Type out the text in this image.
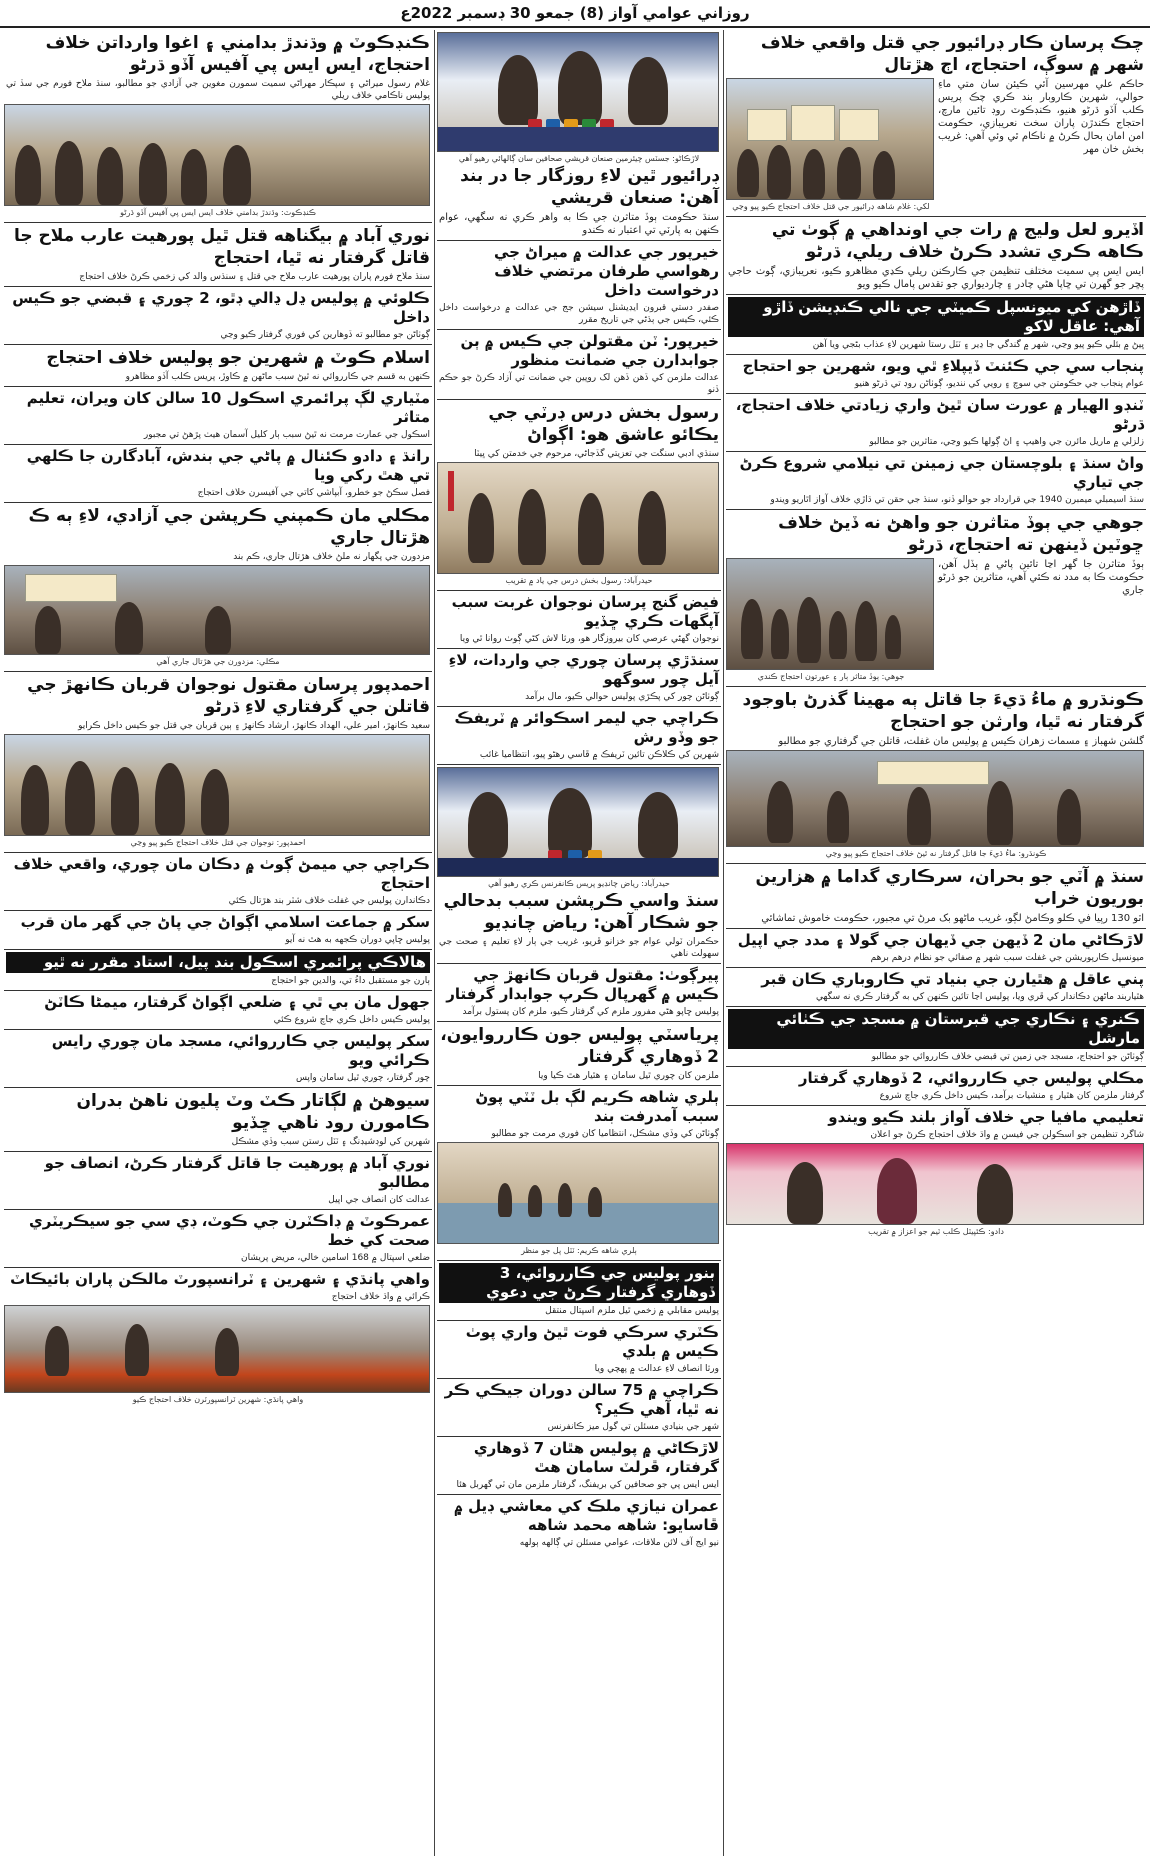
روزاني عوامي آواز (8) جمعو 30 ڊسمبر 2022ع
چڪ پرسان ڪار ڊرائيور جي قتل واقعي خلاف شهر ۾ سوڳ، احتجاج، اڄ هڙتال
حاڪم علي مهرسين آئي ڪيئن سان متي ماءِ حوالي، شهرين ڪاروبار بند ڪري چڪ پريس ڪلب آڏو ڌرڻو هنيو، ڪنڊڪوٽ روڊ تائين مارچ، احتجاج ڪندڙن پاران سخت نعريبازي، حڪومت امن امان بحال ڪرڻ ۾ ناڪام ٿي وئي آهي: غريب بخش خان مهر
لکي: غلام شاهه ڊرائيور جي قتل خلاف احتجاج ڪيو پيو وڃي
اڏيرو لعل وليج ۾ رات جي اونداهي ۾ ڳوٺ تي ڪاهه ڪري تشدد ڪرڻ خلاف ريلي، ڌرڻو
ايس ايس پي سميت مختلف تنظيمن جي ڪارڪنن ريلي ڪڍي مظاهرو ڪيو، نعريبازي، ڳوٺ حاجي پڇر جو گهرن تي ڇاپا هڻي چادر ۽ چارديواري جو تقدس پامال ڪيو ويو
ڏاڙهن کي ميونسپل ڪميٽي جي نالي ڪنڊيشن ڏاڙو آهي: عاقل لاکو
ڀيڻ ۾ بئلي ڪيو پيو وڃي، شهر ۾ گندگي جا ڍير ۽ ٽٽل رستا شهرين لاءِ عذاب بڻجي ويا آهن
پنجاب سي جي ڪئنٽ ڏيپلاءِ ٿي ويو، شهرين جو احتجاج
عوام پنجاب جي حڪومتن جي سوچ ۽ رويي کي ننديو، ڳوٺاڻن روڊ تي ڌرڻو هنيو
ٽنڊو الهيار ۾ عورت سان ٿيڻ واري زيادتي خلاف احتجاج، ڌرڻو
زلزلي ۾ ماريل مائرن جي واهيپ ۽ اڻ ڳولها ڪيو وڃي، متاثرين جو مطالبو
واڻ سنڌ ۽ بلوچستان جي زمينن تي نيلامي شروع ڪرڻ جي تياري
سنڌ اسيمبلي ميمبرن 1940 جي قرارداد جو حوالو ڏنو، سنڌ جي حقن تي ڌاڙي خلاف آواز اٿاريو ويندو
جوهي جي ٻوڏ متاثرن جو واهڻ نه ڏيڻ خلاف ڇوٽين ڏينهن ته احتجاج، ڌرڻو
ٻوڏ متاثرن جا گهر اڃا تائين پاڻي ۾ ٻڏل آهن، حڪومت ڪا به مدد نه ڪئي آهي، متاثرين جو ڌرڻو جاري
جوهي: ٻوڏ متاثر ٻار ۽ عورتون احتجاج ڪندي
ڪونڌرو ۾ ماءُ ڌيءَ جا قاتل ٻه مهينا گذرڻ باوجود گرفتار نه ٿيا، وارثن جو احتجاج
گلشن شهباز ۽ مسمات زهران ڪيس ۾ پوليس مان غفلت، قاتلن جي گرفتاري جو مطالبو
ڪونڌرو: ماءُ ڌيءَ جا قاتل گرفتار نه ٿيڻ خلاف احتجاج ڪيو پيو وڃي
سنڌ ۾ آٽي جو بحران، سرڪاري گداما ۾ هزارين بوريون خراب
اٽو 130 رپيا في ڪلو وڪامڻ لڳو، غريب ماڻهو بک مرڻ تي مجبور، حڪومت خاموش تماشائي
لاڙڪاڻي مان 2 ڏيهن جي ڏيهان جي گولا ۽ مدد جي اپيل
ميونسپل ڪارپوريشن جي غفلت سبب شهر ۾ صفائي جو نظام درهم برهم
پني عاقل ۾ هٿيارن جي بنياد تي ڪاروباري ڪان قبر
هٿياربند ماڻهن دڪاندار کي ڦري ويا، پوليس اڃا تائين ڪنهن کي به گرفتار ڪري نه سگهي
ڪنري ۽ نڪاري جي قبرستان ۾ مسجد جي ڪٺائي مارشل
ڳوٺاڻن جو احتجاج، مسجد جي زمين تي قبضي خلاف ڪارروائي جو مطالبو
مڪلي پوليس جي ڪارروائي، 2 ڏوهاري گرفتار
گرفتار ملزمن کان هٿيار ۽ منشيات برآمد، ڪيس داخل ڪري جاچ شروع
تعليمي مافيا جي خلاف آواز بلند ڪيو ويندو
شاگرد تنظيمن جو اسڪولن جي فيسن ۾ واڌ خلاف احتجاج ڪرڻ جو اعلان
دادو: ڪئپيٽل ڪلب ٽيم جو اعزاز ۾ تقريب
لاڙڪاڻو: جسٽس چيئرمين صنعان قريشي صحافين سان ڳالهائي رهيو آهي
ڊرائيور ٿين لاءِ روزگار جا در بند آهن: صنعان قريشي
سنڌ حڪومت ٻوڏ متاثرن جي ڪا به واهر ڪري نه سگهي، عوام ڪنهن به پارٽي تي اعتبار نه ڪندو
خيرپور جي عدالت ۾ ميراڻ جي رهواسي طرفان مرتضي خلاف درخواست داخل
صفدر دستي قبرون ايڊيشنل سيشن جج جي عدالت ۾ درخواست داخل ڪئي، ڪيس جي ٻڌڻي جي تاريخ مقرر
خيرپور: ٽن مقتولن جي ڪيس ۾ ٻن جوابدارن جي ضمانت منظور
عدالت ملزمن کي ڏهن ڏهن لک روپين جي ضمانت تي آزاد ڪرڻ جو حڪم ڏنو
رسول بخش درس ڊرٽي جي يڪائو عاشق هو: اڳواڻ
سنڌي ادبي سنگت جي تعزيتي گڏجاڻي، مرحوم جي خدمتن کي ڀيٽا
حيدرآباد: رسول بخش درس جي ياد ۾ تقريب
فيض گنج پرسان نوجوان غربت سبب آپگهات ڪري ڇڏيو
نوجوان گهڻي عرصي کان بيروزگار هو، ورثا لاش کڻي ڳوٺ روانا ٿي ويا
سنڌڙي پرسان چوري جي واردات، لاءِ آيل چور سوگهو
ڳوٺاڻن چور کي پڪڙي پوليس حوالي ڪيو، مال برآمد
ڪراچي جي ليمر اسڪوائر ۾ ٽريفڪ جو وڏو رش
شهرين کي ڪلاڪن تائين ٽريفڪ ۾ ڦاسي رهڻو پيو، انتظاميا غائب
حيدرآباد: رياض چانڊيو پريس ڪانفرنس ڪري رهيو آهي
سنڌ واسي ڪرپشن سبب بدحالي جو شڪار آهن: رياض چانڊيو
حڪمران ٽولي عوام جو خزانو ڦريو، غريب جي ٻار لاءِ تعليم ۽ صحت جي سهولت ناهي
پيرڳوٺ: مقتول قربان ڪانهڙ جي ڪيس ۾ گهرپال ڪرپ جوابدار گرفتار
پوليس ڇاپو هڻي مفرور ملزم کي گرفتار ڪيو، ملزم کان پستول برآمد
پرياسٽي پوليس جون ڪارروايون، 2 ڏوهاري گرفتار
ملزمن کان چوري ٿيل سامان ۽ هٿيار هٿ ڪيا ويا
ٻلري شاهه ڪريم لڳ بل ٽٽي پوڻ سبب آمدرفت بند
ڳوٺاڻن کي وڏي مشڪل، انتظاميا کان فوري مرمت جو مطالبو
ٻلري شاهه ڪريم: ٽٽل پل جو منظر
بنور پوليس جي ڪارروائي، 3 ڏوهاري گرفتار ڪرڻ جي دعوي
پوليس مقابلي ۾ زخمي ٿيل ملزم اسپتال منتقل
ڪٽري سرڪي فوت ٿيڻ واري پوٺ ڪيس ۾ بلدي
ورثا انصاف لاءِ عدالت ۾ پهچي ويا
ڪراچي ۾ 75 سالن دوران جيڪي ڪر نه ٿيا، آهي ڪير؟
شهر جي بنيادي مسئلن تي گول ميز ڪانفرنس
لاڙڪاڻي ۾ پوليس هٿان 7 ڏوهاري گرفتار، ڦرلٽ سامان هٿ
ايس ايس پي جو صحافين کي بريفنگ، گرفتار ملزمن مان ٽي گهربل هئا
عمران نيازي ملڪ کي معاشي ڊيل ۾ ڦاسايو: شاهه محمد شاهه
نيو ايج آف لائن ملاقات، عوامي مسئلن تي ڳالهه ٻولهه
ڪنڊڪوٽ ۾ وڌندڙ بدامني ۽ اغوا وارداتن خلاف احتجاج، ايس ايس پي آفيس آڏو ڌرڻو
غلام رسول ميراڻي ۽ سپڪار مهراڻي سميت سمورن مغوين جي آزادي جو مطالبو، سنڌ ملاح فورم جي سڏ تي پوليس ناڪامي خلاف ريلي
ڪنڊڪوٽ: وڌندڙ بدامني خلاف ايس ايس پي آفيس آڏو ڌرڻو
نوري آباد ۾ بيگناهه قتل ٿيل پورهيت عارب ملاح جا قاتل گرفتار نه ٿيا، احتجاج
سنڌ ملاح فورم پاران پورهيت عارب ملاح جي قتل ۽ سنڌس والد کي زخمي ڪرڻ خلاف احتجاج
ڪلوئي ۾ پوليس ڍل ڍالي ڊٿو، 2 چوري ۽ قبضي جو ڪيس داخل
ڳوٺاڻن جو مطالبو ته ڏوهارين کي فوري گرفتار ڪيو وڃي
اسلام ڪوٽ ۾ شهرين جو پوليس خلاف احتجاج
ڪنهن به قسم جي ڪارروائي نه ٿيڻ سبب ماڻهن ۾ ڪاوڙ، پريس ڪلب آڏو مظاهرو
مٽياري لڳ پرائمري اسڪول 10 سالن کان ويران، تعليم متاثر
اسڪول جي عمارت مرمت نه ٿيڻ سبب ٻار کليل آسمان هيٺ پڙهڻ تي مجبور
رانڌ ۽ دادو ڪئنال ۾ پاڻي جي بندش، آبادگارن جا ڪلهي تي هٿ رکي ويا
فصل سڪڻ جو خطرو، آبپاشي کاتي جي آفيسرن خلاف احتجاج
مڪلي مان ڪمپني ڪرپشن جي آزادي، لاءِ ٻه ڪ هڙتال جاري
مزدورن جي پگهار نه ملڻ خلاف هڙتال جاري، ڪم بند
مڪلي: مزدورن جي هڙتال جاري آهي
احمدپور پرسان مقتول نوجوان قربان ڪانهڙ جي قاتلن جي گرفتاري لاءِ ڌرڻو
سعيد ڪانهڙ، امير علي، الهداد ڪانهڙ، ارشاد ڪانهڙ ۽ ٻين قربان جي قتل جو ڪيس داخل ڪرايو
احمدپور: نوجوان جي قتل خلاف احتجاج ڪيو پيو وڃي
ڪراچي جي ميمڻ ڳوٺ ۾ دڪان مان چوري، واقعي خلاف احتجاج
دڪاندارن پوليس جي غفلت خلاف شٽر بند هڙتال ڪئي
سکر ۾ جماعت اسلامي اڳواڻ جي پاڻ جي گهر مان قرب
پوليس ڇاپي دوران ڪجهه به هٿ نه آيو
هالاڪي پرائمري اسڪول بند پيل، استاد مقرر نه ٿيو
ٻارن جو مستقبل داءُ تي، والدين جو احتجاج
جهول مان بي ٿي ۽ ضلعي اڳواڻ گرفتار، ميمڻا ڪاٽڻ
پوليس ڪيس داخل ڪري جاچ شروع ڪئي
سکر پوليس جي ڪارروائي، مسجد مان چوري رايس ڪرائي ويو
چور گرفتار، چوري ٿيل سامان واپس
سيوهڻ ۾ لڳاتار ڪٽ وٽ پليون ناهڻ بدران ڪامورن رود ناهي ڇڏيو
شهرين کي لوڊشيڊنگ ۽ ٽٽل رستن سبب وڏي مشڪل
نوري آباد ۾ پورهيت جا قاتل گرفتار ڪرڻ، انصاف جو مطالبو
عدالت کان انصاف جي اپيل
عمرڪوٽ ۾ ڊاڪٽرن جي ڪوٽ، ڊي سي جو سيڪريٽري صحت کي خط
ضلعي اسپتال ۾ 168 اسامين خالي، مريض پريشان
واهي پانڌي ۽ شهرين ۽ ٽرانسپورٽ مالڪن پاران بائيڪاٽ
ڪرائي ۾ واڌ خلاف احتجاج
واهي پانڌي: شهرين ٽرانسپورٽرن خلاف احتجاج ڪيو
